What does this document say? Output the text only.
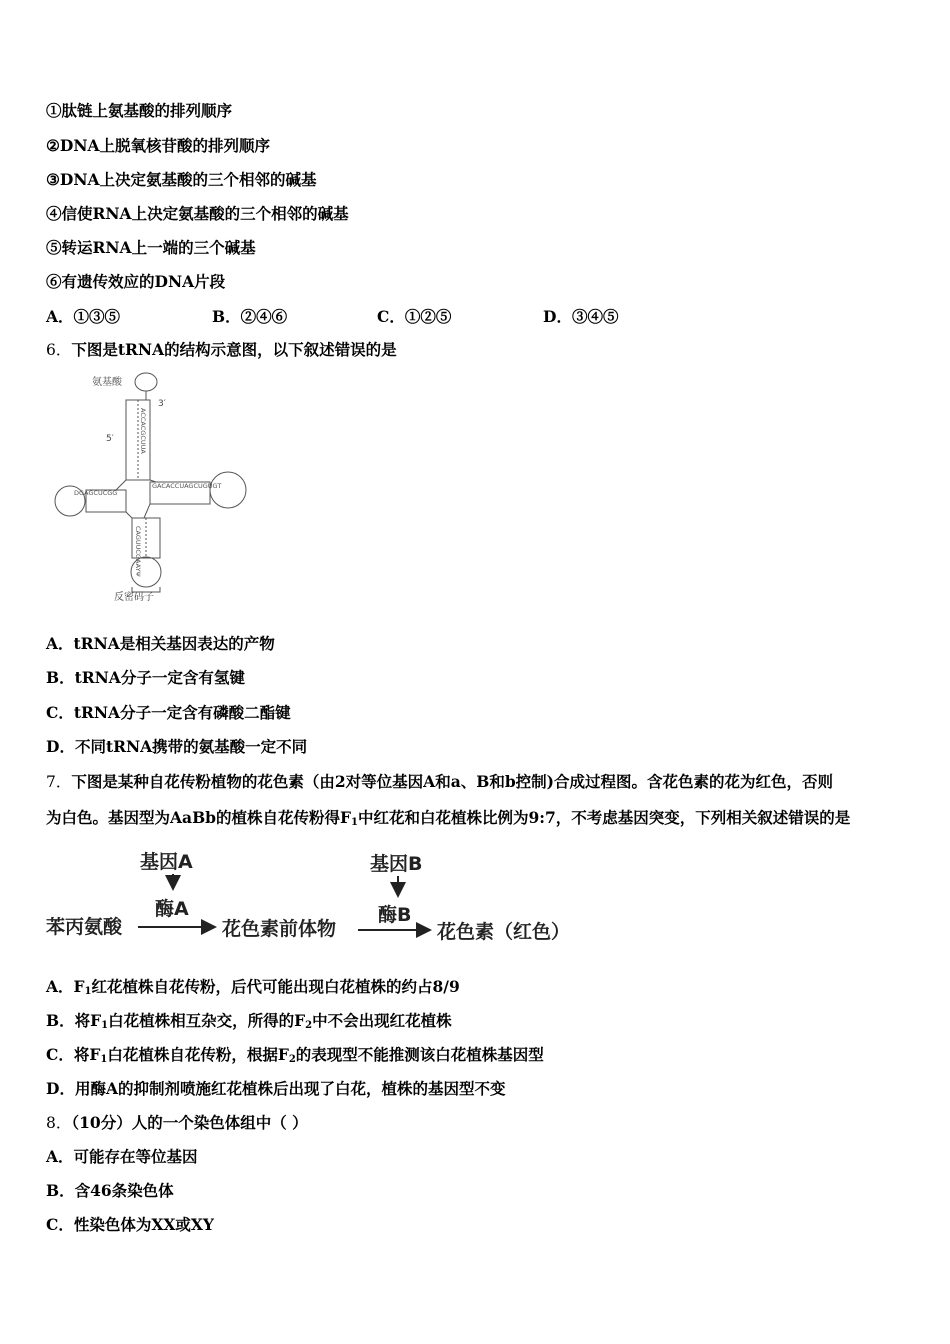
①肽链上氨基酸的排列顺序
②DNA上脱氧核苷酸的排列顺序
③DNA上决定氨基酸的三个相邻的碱基
④信使RNA上决定氨基酸的三个相邻的碱基
⑤转运RNA上一端的三个碱基
⑥有遗传效应的DNA片段
A．①③⑤	B．②④⑥	C．①②⑤	D．③④⑤
6．下图是tRNA的结构示意图，以下叙述错误的是
氨基酸
3′
5′	ACCACGCUUA
DGAGCUCGG
GACACCUAGCUGUGT
CAGUUCGAAYΨ
反密码子
A．tRNA是相关基因表达的产物
B．tRNA分子一定含有氢键
C．tRNA分子一定含有磷酸二酯键
D．不同tRNA携带的氨基酸一定不同
7．下图是某种自花传粉植物的花色素（由2对等位基因A和a、B和b控制)合成过程图。含花色素的花为红色，否则
为白色。基因型为AaBb的植株自花传粉得$F_1$中红花和白花植株比例为9:7，不考虑基因突变，下列相关叙述错误的是
基因A
酶A
基因B
酶B
苯丙氨酸	花色素前体物	花色素（红色）
A．$F_1$红花植株自花传粉，后代可能出现白花植株的约占8/9
B．将$F_1$白花植株相互杂交，所得的$F_2$中不会出现红花植株
C．将$F_1$白花植株自花传粉，根据$F_2$的表现型不能推测该白花植株基因型
D．用酶A的抑制剂喷施红花植株后出现了白花，植株的基因型不变
8．（10分）人的一个染色体组中（ ）
A．可能存在等位基因
B．含46条染色体
C．性染色体为XX或XY
